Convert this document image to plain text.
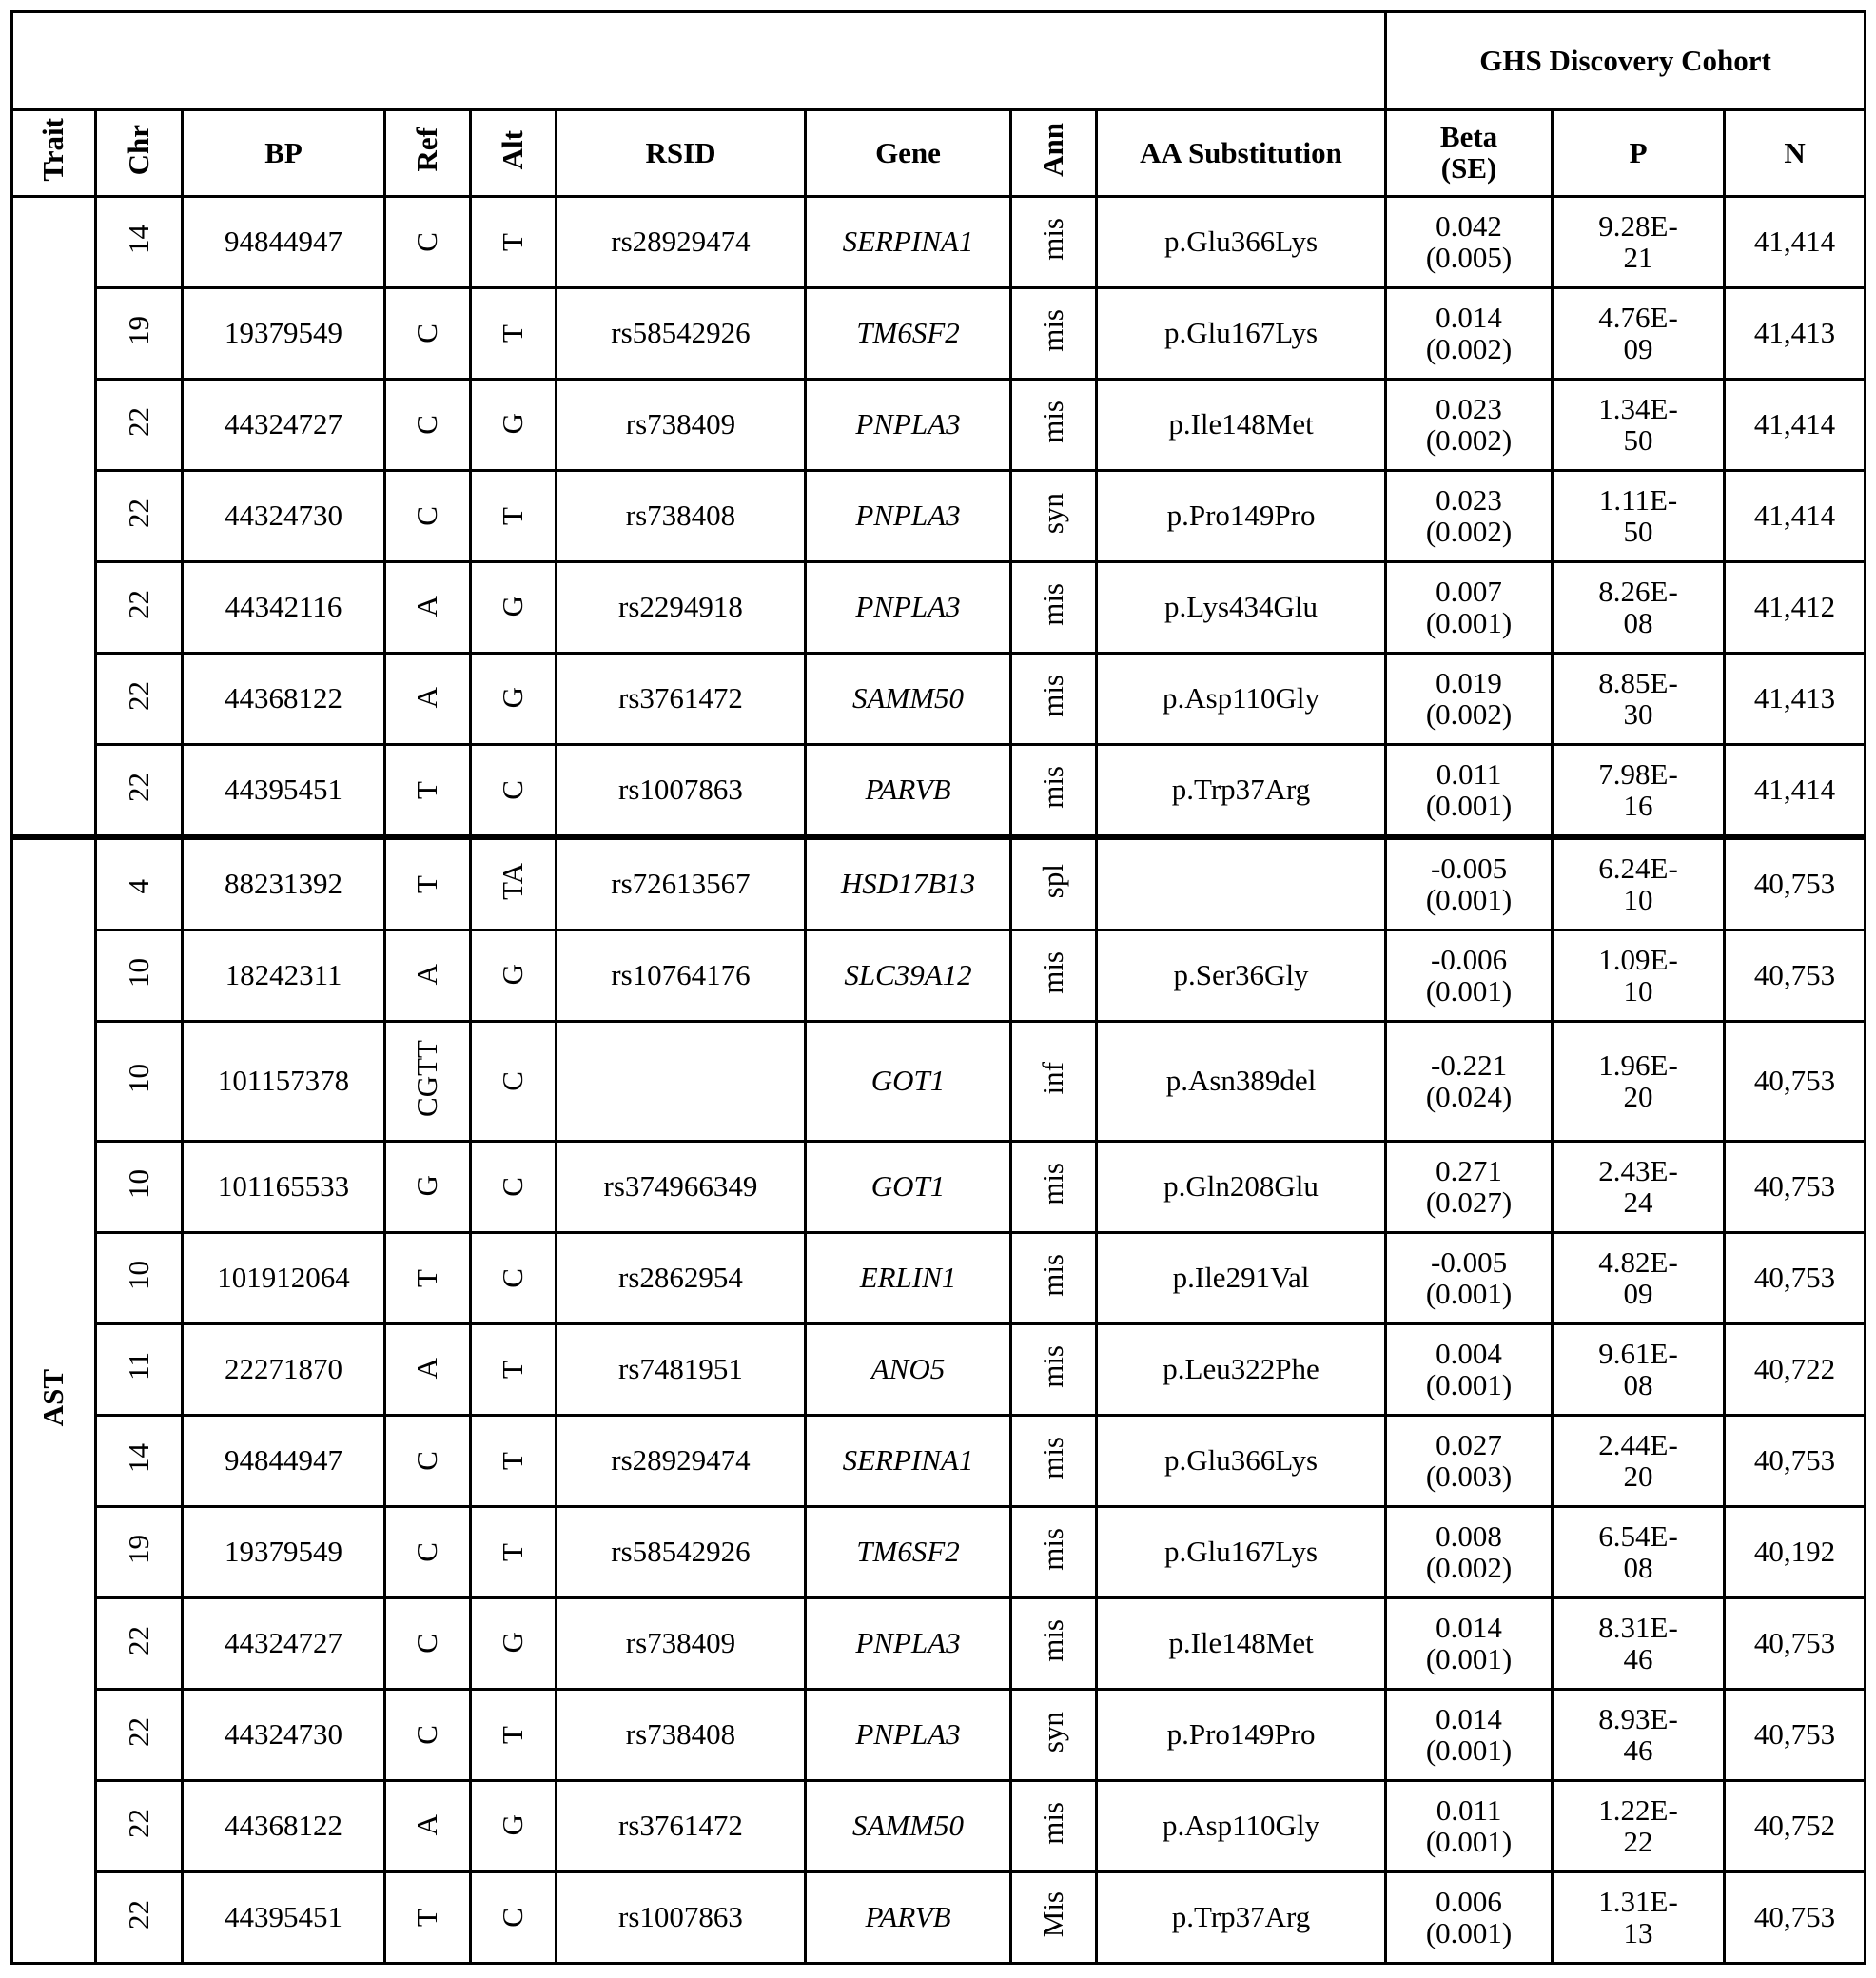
	GHS Discovery Cohort
Trait	Chr	BP	Ref	Alt	RSID	Gene	Ann	AA Substitution	Beta (SE)	P	N
	14	94844947	C	T	rs28929474	SERPINA1	mis	p.Glu366Lys	0.042 (0.005)	9.28E-21	41,414
19	19379549	C	T	rs58542926	TM6SF2	mis	p.Glu167Lys	0.014 (0.002)	4.76E-09	41,413
22	44324727	C	G	rs738409	PNPLA3	mis	p.Ile148Met	0.023 (0.002)	1.34E-50	41,414
22	44324730	C	T	rs738408	PNPLA3	syn	p.Pro149Pro	0.023 (0.002)	1.11E-50	41,414
22	44342116	A	G	rs2294918	PNPLA3	mis	p.Lys434Glu	0.007 (0.001)	8.26E-08	41,412
22	44368122	A	G	rs3761472	SAMM50	mis	p.Asp110Gly	0.019 (0.002)	8.85E-30	41,413
22	44395451	T	C	rs1007863	PARVB	mis	p.Trp37Arg	0.011 (0.001)	7.98E-16	41,414
AST	4	88231392	T	TA	rs72613567	HSD17B13	spl		-0.005 (0.001)	6.24E-10	40,753
10	18242311	A	G	rs10764176	SLC39A12	mis	p.Ser36Gly	-0.006 (0.001)	1.09E-10	40,753
10	101157378	CGTT	C		GOT1	inf	p.Asn389del	-0.221 (0.024)	1.96E-20	40,753
10	101165533	G	C	rs374966349	GOT1	mis	p.Gln208Glu	0.271 (0.027)	2.43E-24	40,753
10	101912064	T	C	rs2862954	ERLIN1	mis	p.Ile291Val	-0.005 (0.001)	4.82E-09	40,753
11	22271870	A	T	rs7481951	ANO5	mis	p.Leu322Phe	0.004 (0.001)	9.61E-08	40,722
14	94844947	C	T	rs28929474	SERPINA1	mis	p.Glu366Lys	0.027 (0.003)	2.44E-20	40,753
19	19379549	C	T	rs58542926	TM6SF2	mis	p.Glu167Lys	0.008 (0.002)	6.54E-08	40,192
22	44324727	C	G	rs738409	PNPLA3	mis	p.Ile148Met	0.014 (0.001)	8.31E-46	40,753
22	44324730	C	T	rs738408	PNPLA3	syn	p.Pro149Pro	0.014 (0.001)	8.93E-46	40,753
22	44368122	A	G	rs3761472	SAMM50	mis	p.Asp110Gly	0.011 (0.001)	1.22E-22	40,752
22	44395451	T	C	rs1007863	PARVB	Mis	p.Trp37Arg	0.006 (0.001)	1.31E-13	40,753
